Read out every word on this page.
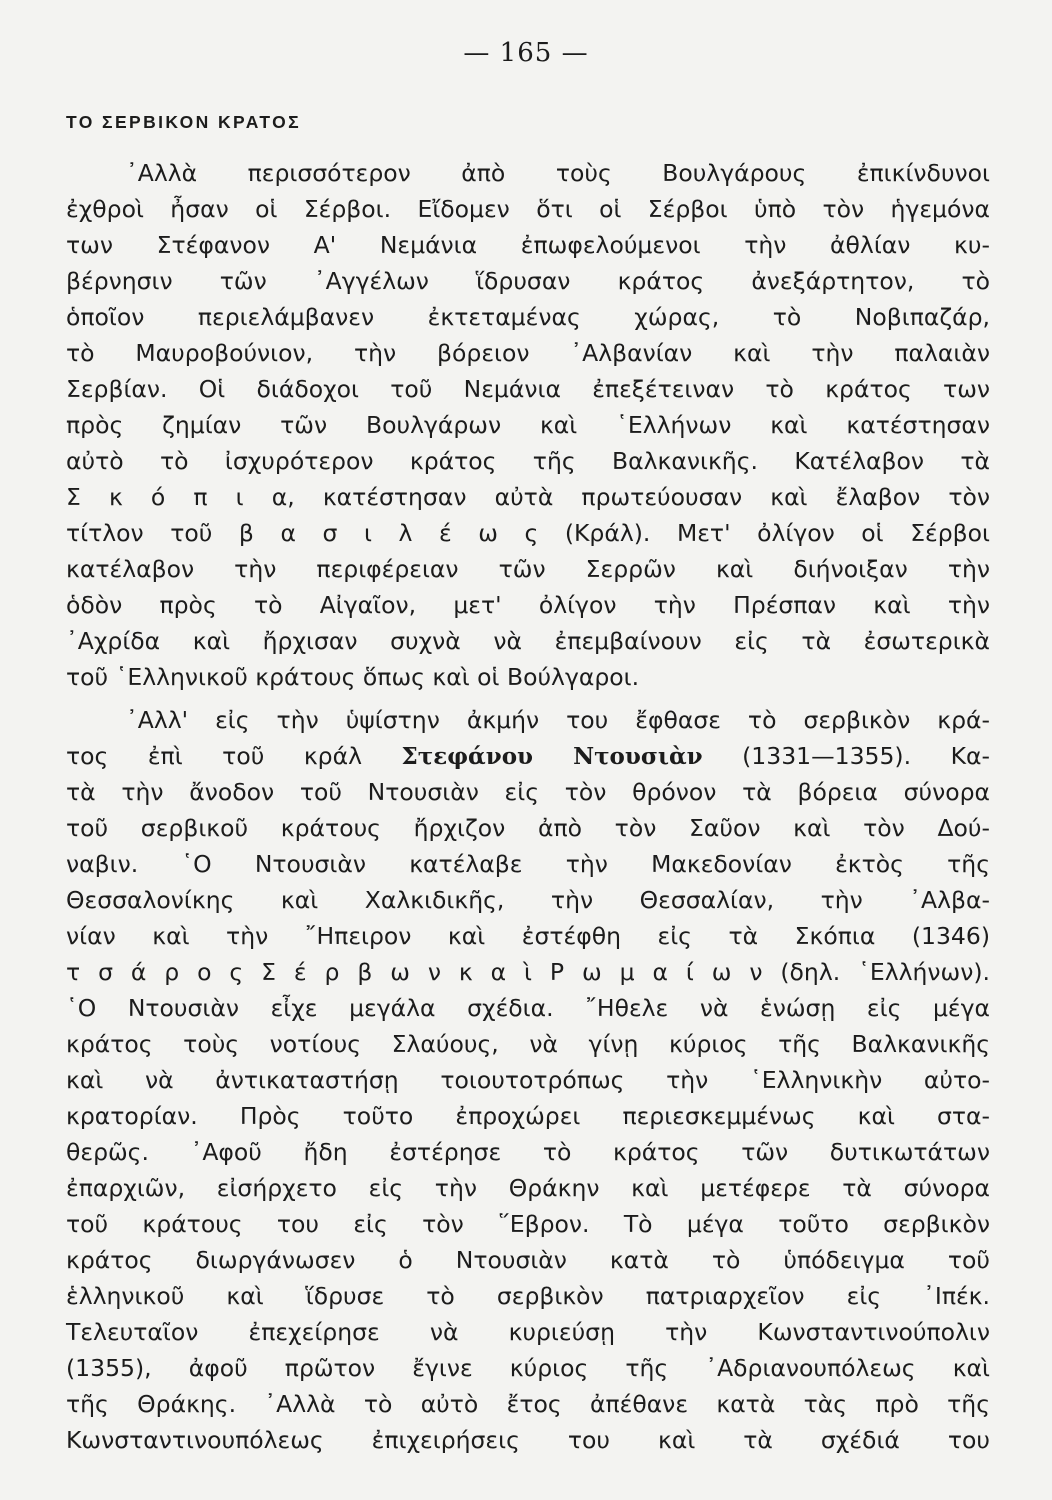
— 165 —
ΤΟ ΣΕΡΒΙΚΟΝ ΚΡΑΤΟΣ
᾿Αλλὰ περισσότερον ἀπὸ τοὺς Βουλγάρους ἐπικίνδυνοι
ἐχθροὶ ἦσαν οἱ Σέρβοι. Εἴδομεν ὅτι οἱ Σέρβοι ὑπὸ τὸν ἡγεμόνα
των Στέφανον Α' Νεμάνια ἐπωφελούμενοι τὴν ἀθλίαν κυ-
βέρνησιν τῶν ᾿Αγγέλων ἵδρυσαν κράτος ἀνεξάρτητον, τὸ
ὁποῖον περιελάμβανεν ἐκτεταμένας χώρας, τὸ Νοβιπαζάρ,
τὸ Μαυροβούνιον, τὴν βόρειον ᾿Αλβανίαν καὶ τὴν παλαιὰν
Σερβίαν. Οἱ διάδοχοι τοῦ Νεμάνια ἐπεξέτειναν τὸ κράτος των
πρὸς ζημίαν τῶν Βουλγάρων καὶ ῾Ελλήνων καὶ κατέστησαν
αὐτὸ τὸ ἰσχυρότερον κράτος τῆς Βαλκανικῆς. Κατέλαβον τὰ
Σ κ ό π ι α, κατέστησαν αὐτὰ πρωτεύουσαν καὶ ἔλαβον τὸν
τίτλον τοῦ β α σ ι λ έ ω ς (Κράλ). Μετ' ὀλίγον οἱ Σέρβοι
κατέλαβον τὴν περιφέρειαν τῶν Σερρῶν καὶ διήνοιξαν τὴν
ὁδὸν πρὸς τὸ Αἰγαῖον, μετ' ὀλίγον τὴν Πρέσπαν καὶ τὴν
᾿Αχρίδα καὶ ἤρχισαν συχνὰ νὰ ἐπεμβαίνουν εἰς τὰ ἐσωτερικὰ
τοῦ ῾Ελληνικοῦ κράτους ὅπως καὶ οἱ Βούλγαροι.
᾿Αλλ' εἰς τὴν ὑψίστην ἀκμήν του ἔφθασε τὸ σερβικὸν κρά-
τος ἐπὶ τοῦ κράλ Στεφάνου Ντουσιὰν (1331—1355). Κα-
τὰ τὴν ἄνοδον τοῦ Ντουσιὰν εἰς τὸν θρόνον τὰ βόρεια σύνορα
τοῦ σερβικοῦ κράτους ἤρχιζον ἀπὸ τὸν Σαῦον καὶ τὸν Δού-
ναβιν. ῾Ο Ντουσιὰν κατέλαβε τὴν Μακεδονίαν ἐκτὸς τῆς
Θεσσαλονίκης καὶ Χαλκιδικῆς, τὴν Θεσσαλίαν, τὴν ᾿Αλβα-
νίαν καὶ τὴν ῎Ηπειρον καὶ ἐστέφθη εἰς τὰ Σκόπια (1346)
τ σ ά ρ ο ς Σ έ ρ β ω ν κ α ὶ Ρ ω μ α ί ω ν (δηλ. ῾Ελλήνων).
῾Ο Ντουσιὰν εἶχε μεγάλα σχέδια. ῎Ηθελε νὰ ἑνώσῃ εἰς μέγα
κράτος τοὺς νοτίους Σλαύους, νὰ γίνῃ κύριος τῆς Βαλκανικῆς
καὶ νὰ ἀντικαταστήσῃ τοιουτοτρόπως τὴν ῾Ελληνικὴν αὐτο-
κρατορίαν. Πρὸς τοῦτο ἐπροχώρει περιεσκεμμένως καὶ στα-
θερῶς. ᾿Αφοῦ ἤδη ἐστέρησε τὸ κράτος τῶν δυτικωτάτων
ἐπαρχιῶν, εἰσήρχετο εἰς τὴν Θράκην καὶ μετέφερε τὰ σύνορα
τοῦ κράτους του εἰς τὸν ῞Εβρον. Τὸ μέγα τοῦτο σερβικὸν
κράτος διωργάνωσεν ὁ Ντουσιὰν κατὰ τὸ ὑπόδειγμα τοῦ
ἑλληνικοῦ καὶ ἵδρυσε τὸ σερβικὸν πατριαρχεῖον εἰς ᾿Ιπέκ.
Τελευταῖον ἐπεχείρησε νὰ κυριεύσῃ τὴν Κωνσταντινούπολιν
(1355), ἀφοῦ πρῶτον ἔγινε κύριος τῆς ᾿Αδριανουπόλεως καὶ
τῆς Θράκης. ᾿Αλλὰ τὸ αὐτὸ ἔτος ἀπέθανε κατὰ τὰς πρὸ τῆς
Κωνσταντινουπόλεως ἐπιχειρήσεις του καὶ τὰ σχέδιά του
